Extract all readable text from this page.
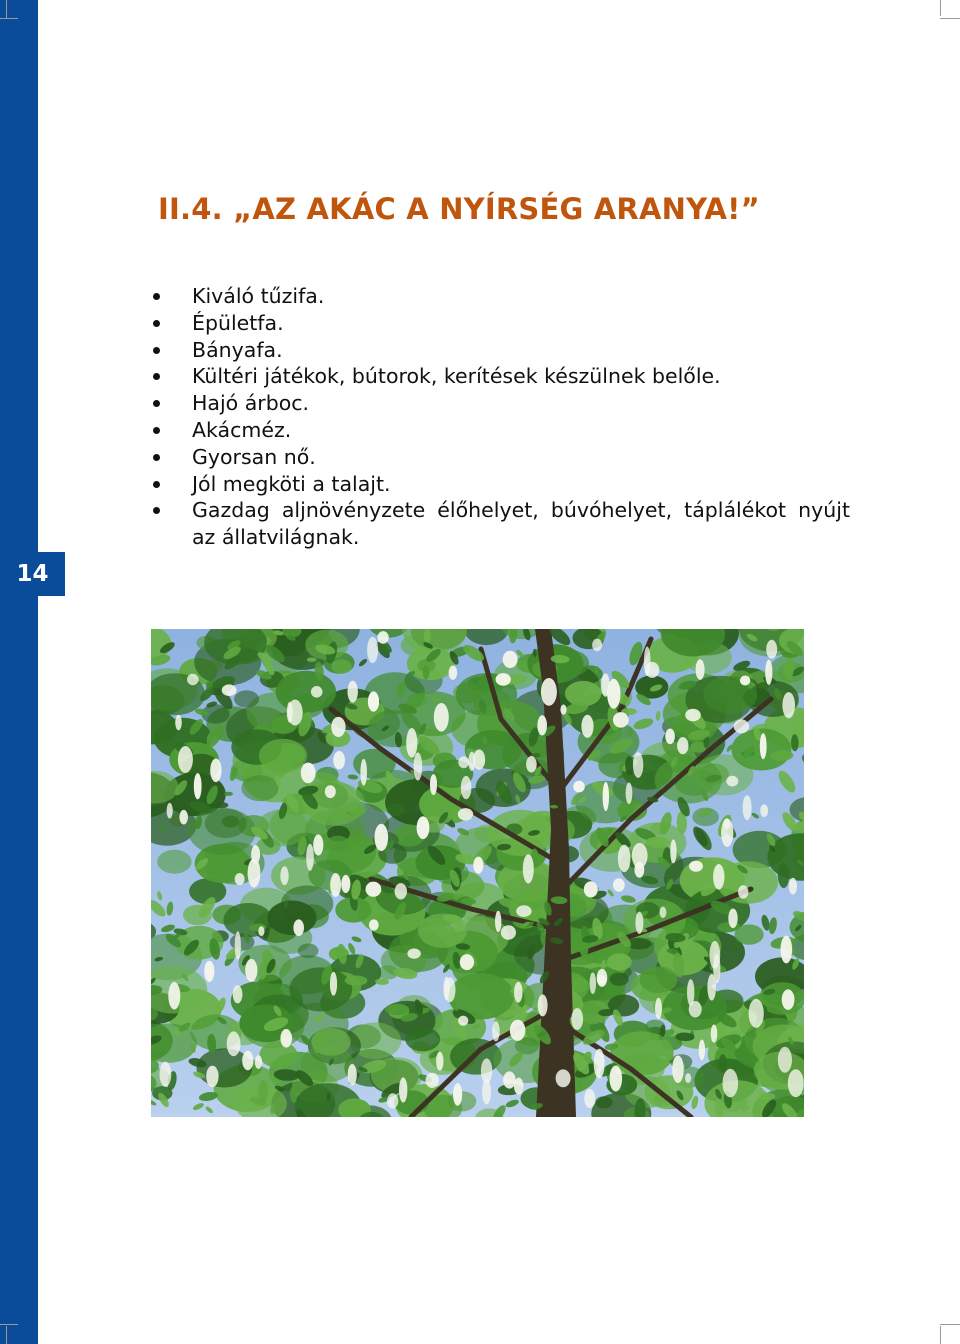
14
II.4. „AZ AKÁC A NYÍRSÉG ARANYA!”
Kiváló tűzifa.
Épületfa.
Bányafa.
Kültéri játékok, bútorok, kerítések készülnek belőle.
Hajó árboc.
Akácméz.
Gyorsan nő.
Jól megköti a talajt.
Gazdag aljnövényzete élőhelyet, búvóhelyet, táplálékot nyújt az állatvilágnak.
